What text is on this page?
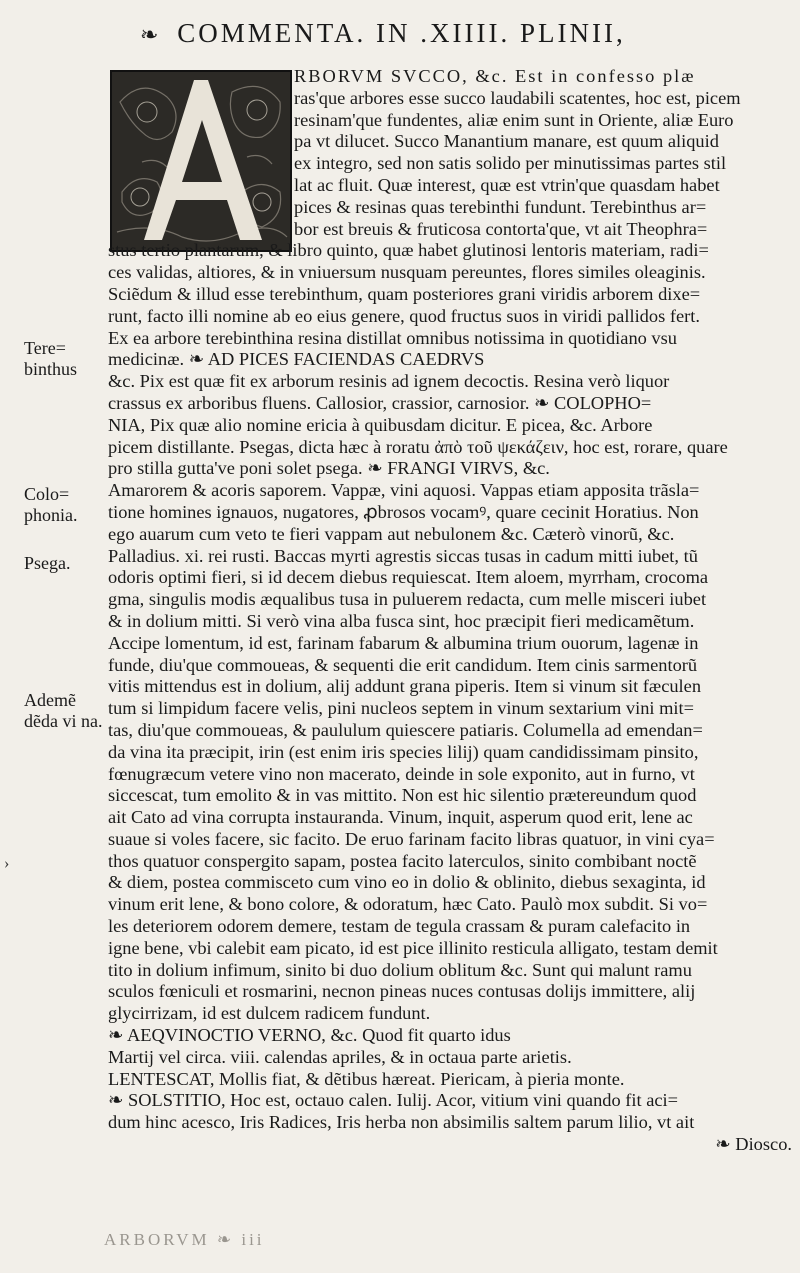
❧ COMMENTA. IN .XIIII. PLINII,
RBORVM SVCCO, &c. Est in confesso plæ
ras'que arbores esse succo laudabili scatentes, hoc est, picem
resinam'que fundentes, aliæ enim sunt in Oriente, aliæ Euro
pa vt dilucet. Succo Manantium manare, est quum aliquid
ex integro, sed non satis solido per minutissimas partes stil
lat ac fluit. Quæ interest, quæ est vtrin'que quasdam habet
pices & resinas quas terebinthi fundunt. Terebinthus ar=
bor est breuis & fruticosa contorta'que, vt ait Theophra=
stus tertio plantarum, & libro quinto, quæ habet glutinosi lentoris materiam, radi=
ces validas, altiores, & in vniuersum nusquam pereuntes, flores similes oleaginis.
Sciẽdum & illud esse terebinthum, quam posteriores grani viridis arborem dixe=
runt, facto illi nomine ab eo eius genere, quod fructus suos in viridi pallidos fert.
Ex ea arbore terebinthina resina distillat omnibus notissima in quotidiano vsu
medicinæ. ❧ AD PICES FACIENDAS CAEDRVS
&c. Pix est quæ fit ex arborum resinis ad ignem decoctis. Resina verò liquor
crassus ex arboribus fluens. Callosior, crassior, carnosior. ❧ COLOPHO=
NIA, Pix quæ alio nomine ericia à quibusdam dicitur. E picea, &c. Arbore
picem distillante. Psegas, dicta hæc à roratu ἀπὸ τοῦ ψεκάζειν, hoc est, rorare, quare
pro stilla gutta've poni solet psega. ❧ FRANGI VIRVS, &c.
Amarorem & acoris saporem. Vappæ, vini aquosi. Vappas etiam apposita trãsla=
tione homines ignauos, nugatores, ꝓbrosos vocamꝰ, quare cecinit Horatius. Non
ego auarum cum veto te fieri vappam aut nebulonem &c. Cæterò vinorũ, &c.
Palladius. xi. rei rusti. Baccas myrti agrestis siccas tusas in cadum mitti iubet, tũ
odoris optimi fieri, si id decem diebus requiescat. Item aloem, myrrham, crocoma
gma, singulis modis æqualibus tusa in puluerem redacta, cum melle misceri iubet
& in dolium mitti. Si verò vina alba fusca sint, hoc præcipit fieri medicamẽtum.
Accipe lomentum, id est, farinam fabarum & albumina trium ouorum, lagenæ in
funde, diu'que commoueas, & sequenti die erit candidum. Item cinis sarmentorũ
vitis mittendus est in dolium, alij addunt grana piperis. Item si vinum sit fæculen
tum si limpidum facere velis, pini nucleos septem in vinum sextarium vini mit=
tas, diu'que commoueas, & paululum quiescere patiaris. Columella ad emendan=
da vina ita præcipit, irin (est enim iris species lilij) quam candidissimam pinsito,
fœnugræcum vetere vino non macerato, deinde in sole exponito, aut in furno, vt
siccescat, tum emolito & in vas mittito. Non est hic silentio prætereundum quod
ait Cato ad vina corrupta instauranda. Vinum, inquit, asperum quod erit, lene ac
suaue si voles facere, sic facito. De eruo farinam facito libras quatuor, in vini cya=
thos quatuor conspergito sapam, postea facito laterculos, sinito combibant noctẽ
& diem, postea commisceto cum vino eo in dolio & oblinito, diebus sexaginta, id
vinum erit lene, & bono colore, & odoratum, hæc Cato. Paulò mox subdit. Si vo=
les deteriorem odorem demere, testam de tegula crassam & puram calefacito in
igne bene, vbi calebit eam picato, id est pice illinito resticula alligato, testam demit
tito in dolium infimum, sinito bi duo dolium oblitum &c. Sunt qui malunt ramu
sculos fœniculi et rosmarini, necnon pineas nuces contusas dolijs immittere, alij
glycirrizam, id est dulcem radicem fundunt.
❧ AEQVINOCTIO VERNO, &c. Quod fit quarto idus
Martij vel circa. viii. calendas apriles, & in octaua parte arietis.
LENTESCAT, Mollis fiat, & dẽtibus hæreat. Piericam, à pieria monte.
❧ SOLSTITIO, Hoc est, octauo calen. Iulij. Acor, vitium vini quando fit aci=
dum hinc acesco, Iris Radices, Iris herba non absimilis saltem parum lilio, vt ait
❧ Diosco.
Tere= binthus
Colo= phonia.
Psega.
Ademẽ dẽda vi na.
›
ARBORVM ❧ iii
